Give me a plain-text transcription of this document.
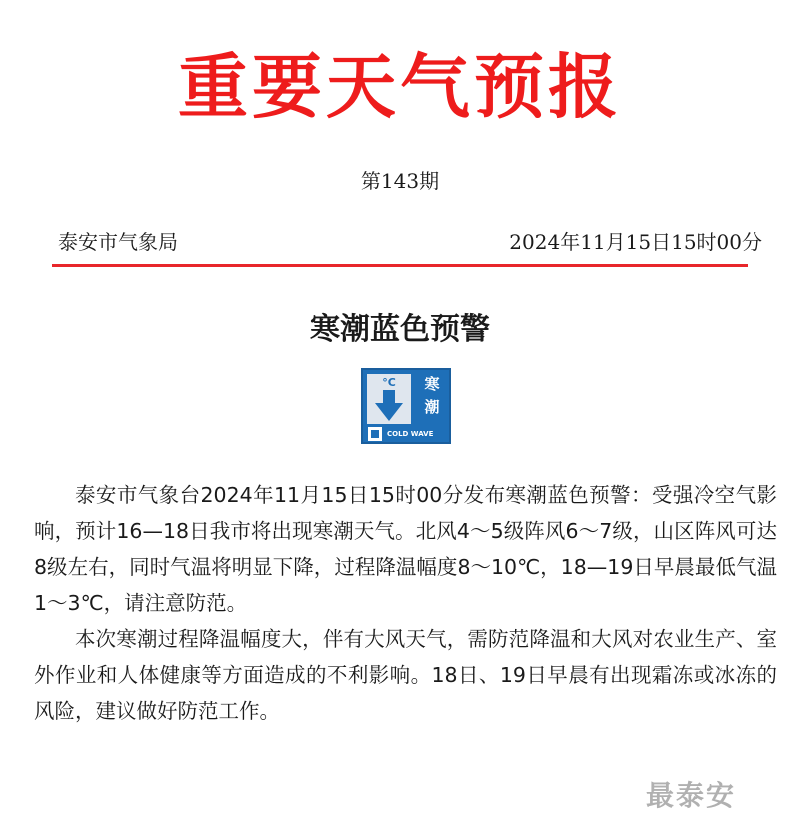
重要天气预报
第143期
泰安市气象局	2024年11月15日15时00分
寒潮蓝色预警
°C	寒
潮
COLD WAVE

泰安市气象台2024年11月15日15时00分发布寒潮蓝色预警：受强冷空气影响，预计16—18日我市将出现寒潮天气。北风4～5级阵风6～7级，山区阵风可达8级左右，同时气温将明显下降，过程降温幅度8～10℃，18—19日早晨最低气温1～3℃，请注意防范。

本次寒潮过程降温幅度大，伴有大风天气，需防范降温和大风对农业生产、室外作业和人体健康等方面造成的不利影响。18日、19日早晨有出现霜冻或冰冻的风险，建议做好防范工作。

最泰安
